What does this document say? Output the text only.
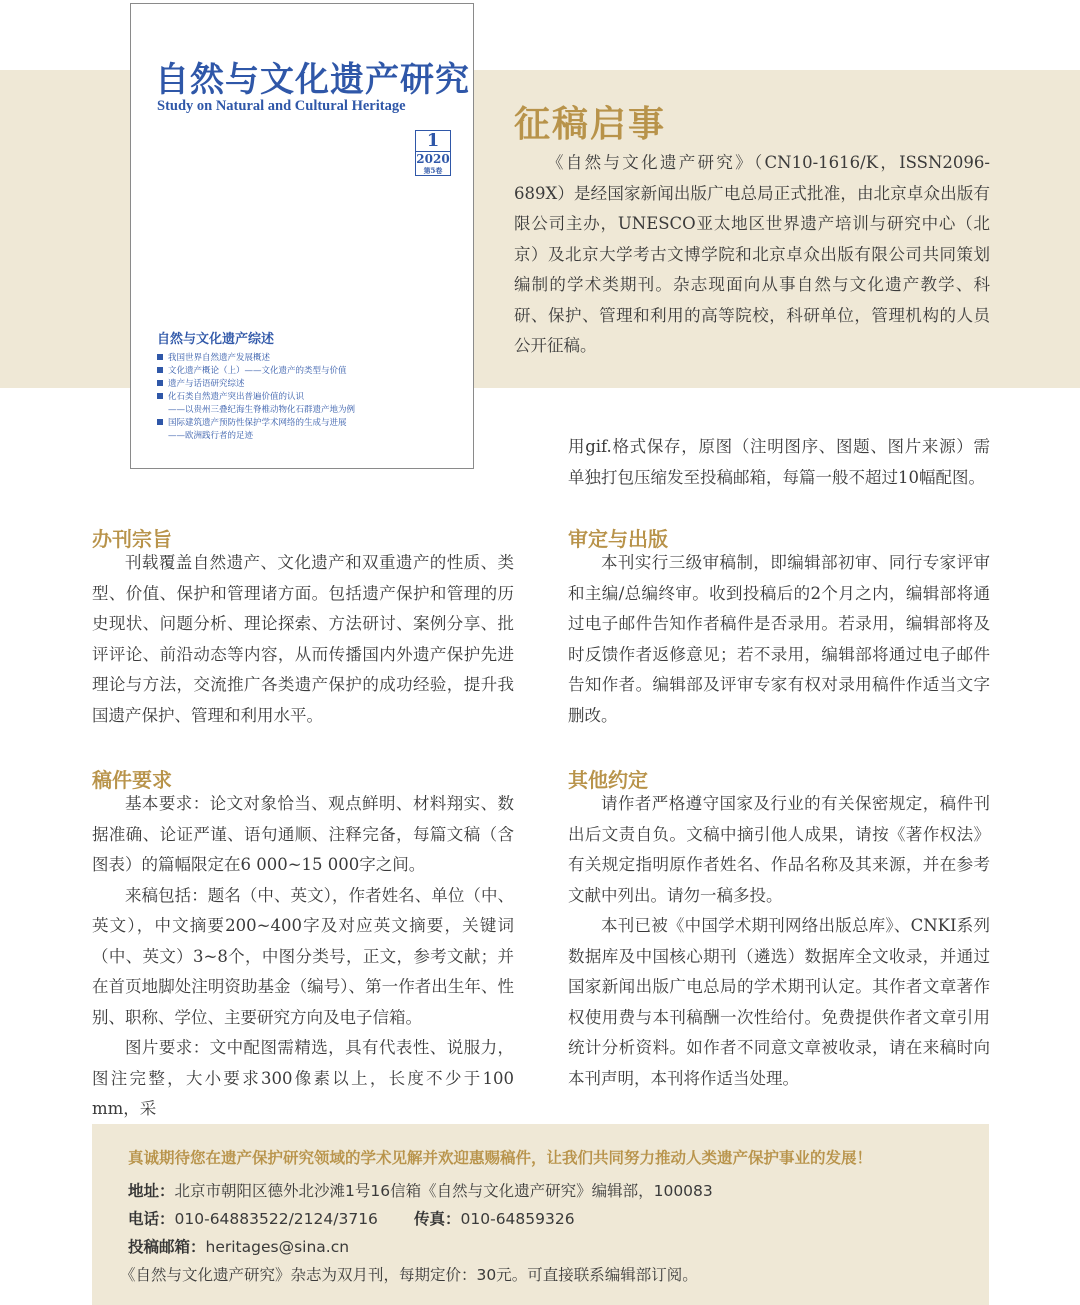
自然与文化遗产研究
Study on Natural and Cultural Heritage
1
2020
第5卷
自然与文化遗产综述
我国世界自然遗产发展概述
文化遗产概论（上）——文化遗产的类型与价值
遗产与话语研究综述
化石类自然遗产突出普遍价值的认识
——以贵州三叠纪海生脊椎动物化石群遗产地为例
国际建筑遗产预防性保护学术网络的生成与进展
——欧洲践行者的足迹
征稿启事

《自然与文化遗产研究》（CN10-1616/K，ISSN2096-689X）是经国家新闻出版广电总局正式批准，由北京卓众出版有限公司主办，UNESCO亚太地区世界遗产培训与研究中心（北京）及北京大学考古文博学院和北京卓众出版有限公司共同策划编制的学术类期刊。杂志现面向从事自然与文化遗产教学、科研、保护、管理和利用的高等院校，科研单位，管理机构的人员公开征稿。

用gif.格式保存，原图（注明图序、图题、图片来源）需单独打包压缩发至投稿邮箱，每篇一般不超过10幅配图。

办刊宗旨

刊载覆盖自然遗产、文化遗产和双重遗产的性质、类型、价值、保护和管理诸方面。包括遗产保护和管理的历史现状、问题分析、理论探索、方法研讨、案例分享、批评评论、前沿动态等内容，从而传播国内外遗产保护先进理论与方法，交流推广各类遗产保护的成功经验，提升我国遗产保护、管理和利用水平。

审定与出版

本刊实行三级审稿制，即编辑部初审、同行专家评审和主编/总编终审。收到投稿后的2个月之内，编辑部将通过电子邮件告知作者稿件是否录用。若录用，编辑部将及时反馈作者返修意见；若不录用，编辑部将通过电子邮件告知作者。编辑部及评审专家有权对录用稿件作适当文字删改。

稿件要求

基本要求：论文对象恰当、观点鲜明、材料翔实、数据准确、论证严谨、语句通顺、注释完备，每篇文稿（含图表）的篇幅限定在6 000~15 000字之间。

来稿包括：题名（中、英文），作者姓名、单位（中、英文），中文摘要200~400字及对应英文摘要，关键词（中、英文）3~8个，中图分类号，正文，参考文献；并在首页地脚处注明资助基金（编号）、第一作者出生年、性别、职称、学位、主要研究方向及电子信箱。

图片要求：文中配图需精选，具有代表性、说服力，图注完整，大小要求300像素以上，长度不少于100 mm，采

其他约定

请作者严格遵守国家及行业的有关保密规定，稿件刊出后文责自负。文稿中摘引他人成果，请按《著作权法》有关规定指明原作者姓名、作品名称及其来源，并在参考文献中列出。请勿一稿多投。

本刊已被《中国学术期刊网络出版总库》、CNKI系列数据库及中国核心期刊（遴选）数据库全文收录，并通过国家新闻出版广电总局的学术期刊认定。其作者文章著作权使用费与本刊稿酬一次性给付。免费提供作者文章引用统计分析资料。如作者不同意文章被收录，请在来稿时向本刊声明，本刊将作适当处理。

真诚期待您在遗产保护研究领域的学术见解并欢迎惠赐稿件，让我们共同努力推动人类遗产保护事业的发展！
地址：北京市朝阳区德外北沙滩1号16信箱《自然与文化遗产研究》编辑部，100083
电话：010-64883522/2124/3716 传真：010-64859326
投稿邮箱：heritages@sina.cn
《自然与文化遗产研究》杂志为双月刊，每期定价：30元。可直接联系编辑部订阅。
